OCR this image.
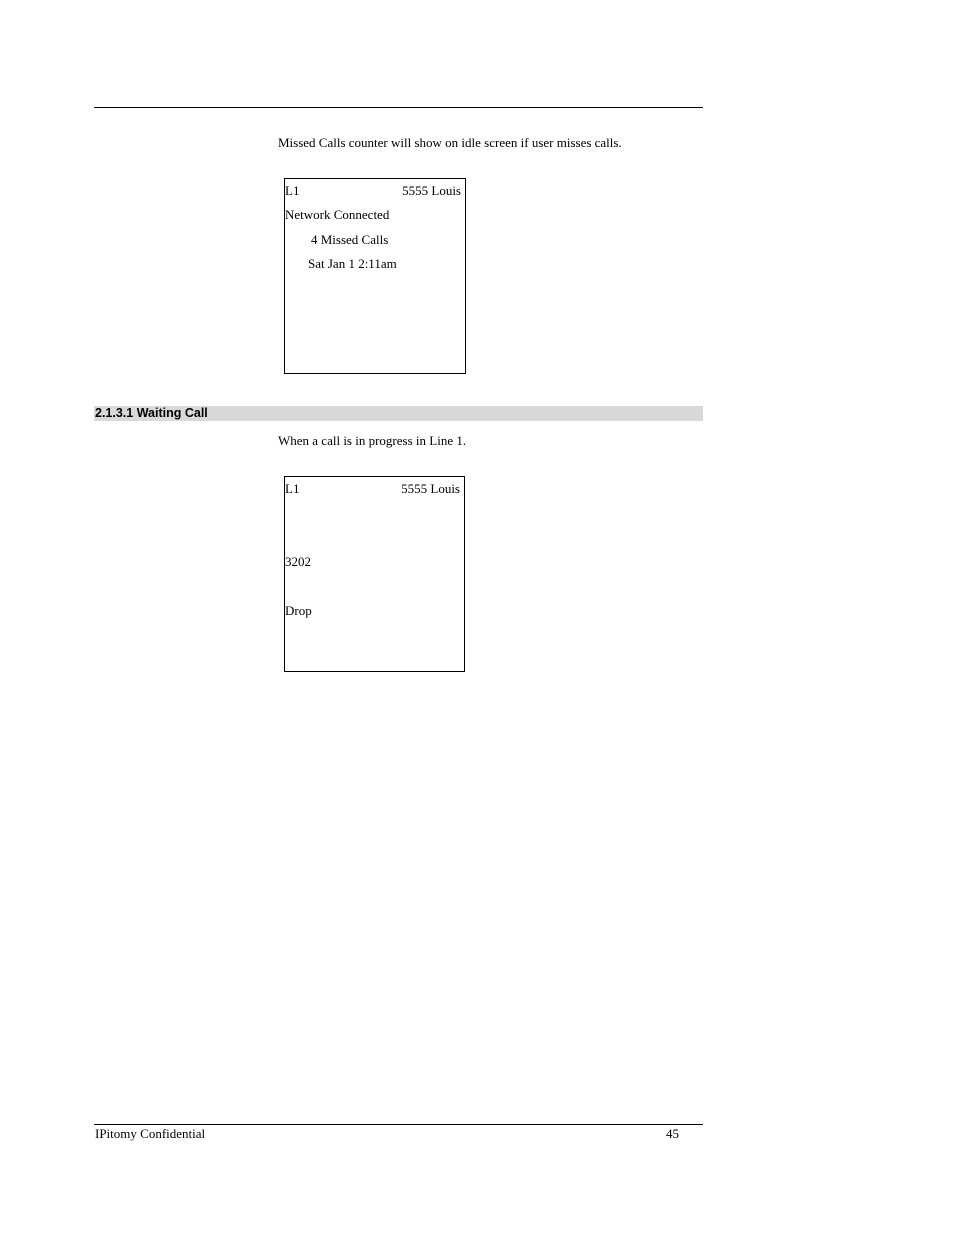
Missed Calls counter will show on idle screen if user misses calls.
L1	5555 Louis
Network Connected
4 Missed Calls
Sat Jan 1 2:11am
2.1.3.1 Waiting Call
When a call is in progress in Line 1.
L1	5555 Louis
3202
Drop
IPitomy Confidential	45
